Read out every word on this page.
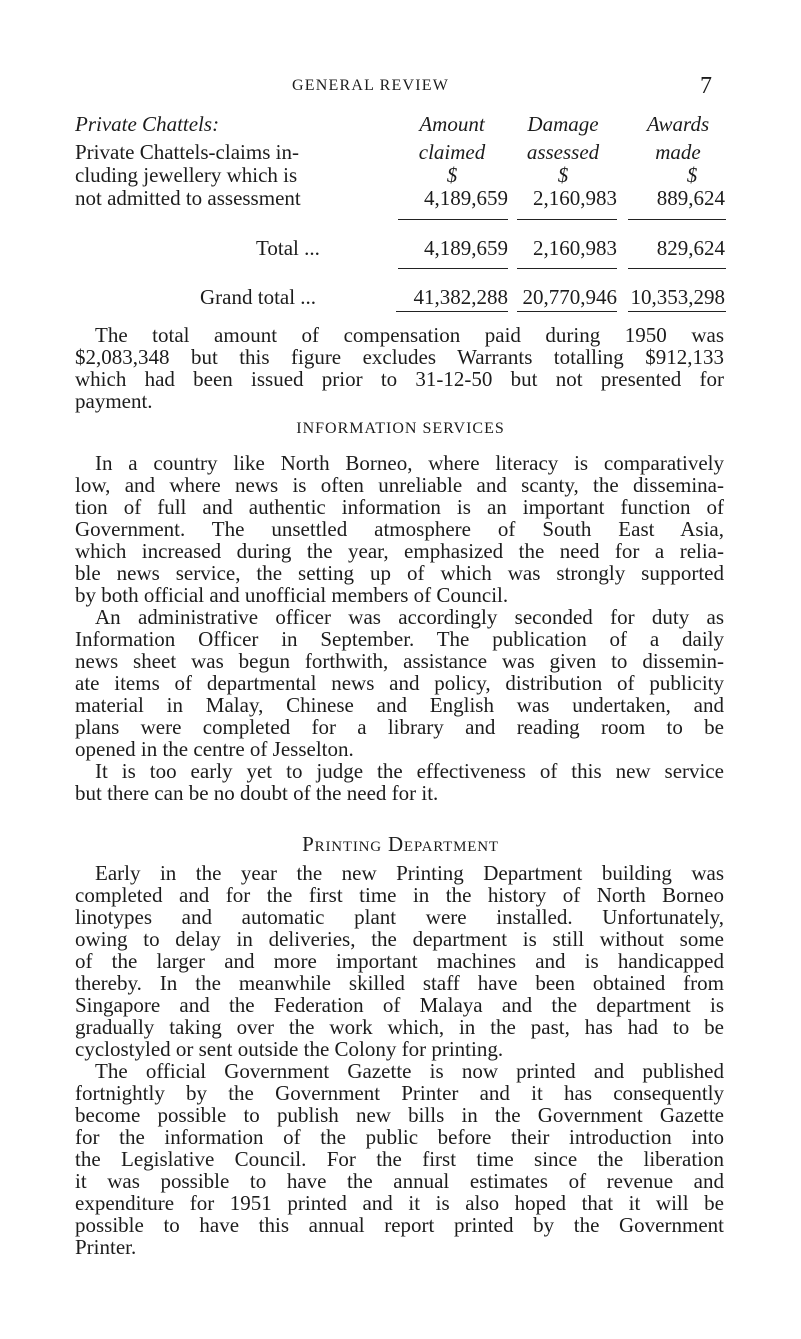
GENERAL REVIEW	7
Private Chattels:
Private Chattels-claims in-
cluding jewellery which is
not admitted to assessment
Amount
claimed
$
4,189,659
4,189,659
41,382,288
Damage
assessed
$
2,160,983
2,160,983
20,770,946
Awards
made
$
889,624
829,624
10,353,298
Total ...
Grand total ...
The total amount of compensation paid during 1950 was
$2,083,348 but this figure excludes Warrants totalling $912,133
which had been issued prior to 31-12-50 but not presented for
payment.
INFORMATION SERVICES
In a country like North Borneo, where literacy is comparatively
low, and where news is often unreliable and scanty, the dissemina-
tion of full and authentic information is an important function of
Government. The unsettled atmosphere of South East Asia,
which increased during the year, emphasized the need for a relia-
ble news service, the setting up of which was strongly supported
by both official and unofficial members of Council.
An administrative officer was accordingly seconded for duty as
Information Officer in September. The publication of a daily
news sheet was begun forthwith, assistance was given to dissemin-
ate items of departmental news and policy, distribution of publicity
material in Malay, Chinese and English was undertaken, and
plans were completed for a library and reading room to be
opened in the centre of Jesselton.
It is too early yet to judge the effectiveness of this new service
but there can be no doubt of the need for it.
Printing Department
Early in the year the new Printing Department building was
completed and for the first time in the history of North Borneo
linotypes and automatic plant were installed. Unfortunately,
owing to delay in deliveries, the department is still without some
of the larger and more important machines and is handicapped
thereby. In the meanwhile skilled staff have been obtained from
Singapore and the Federation of Malaya and the department is
gradually taking over the work which, in the past, has had to be
cyclostyled or sent outside the Colony for printing.
The official Government Gazette is now printed and published
fortnightly by the Government Printer and it has consequently
become possible to publish new bills in the Government Gazette
for the information of the public before their introduction into
the Legislative Council. For the first time since the liberation
it was possible to have the annual estimates of revenue and
expenditure for 1951 printed and it is also hoped that it will be
possible to have this annual report printed by the Government
Printer.
